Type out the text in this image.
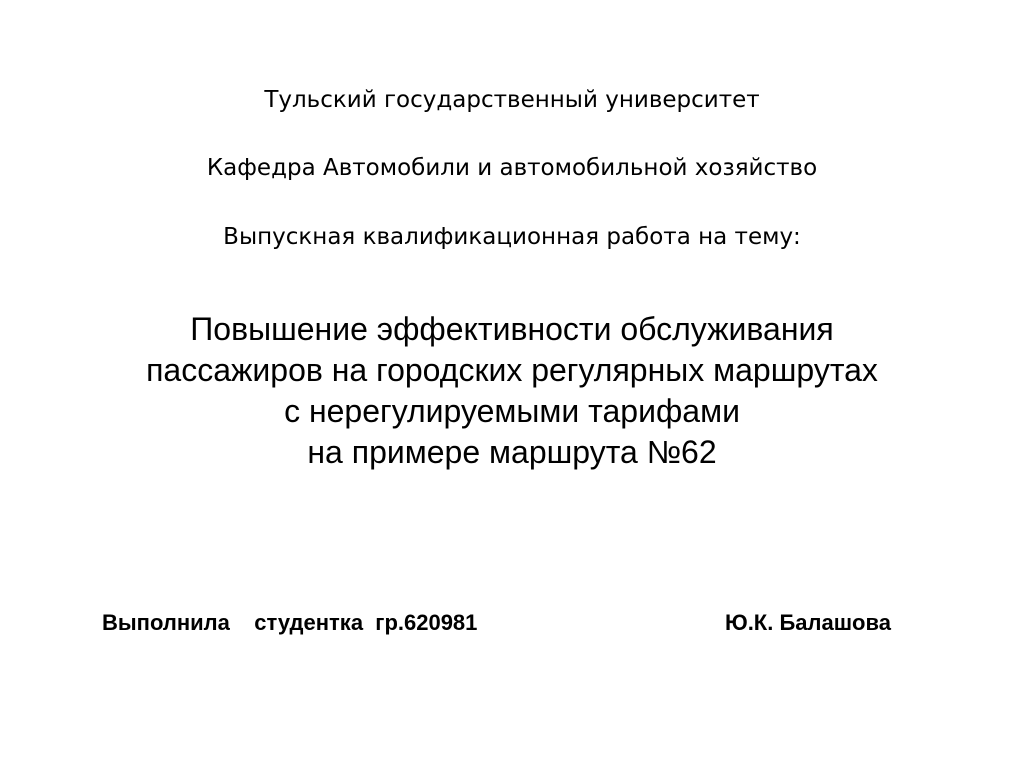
Тульский государственный университет
Кафедра Автомобили и автомобильной хозяйство
Выпускная квалификационная работа на тему:
Повышение эффективности обслуживания
пассажиров на городских регулярных маршрутах
с нерегулируемыми тарифами
на примере маршрута №62
Выполнила    студентка  гр.620981	Ю.К. Балашова
